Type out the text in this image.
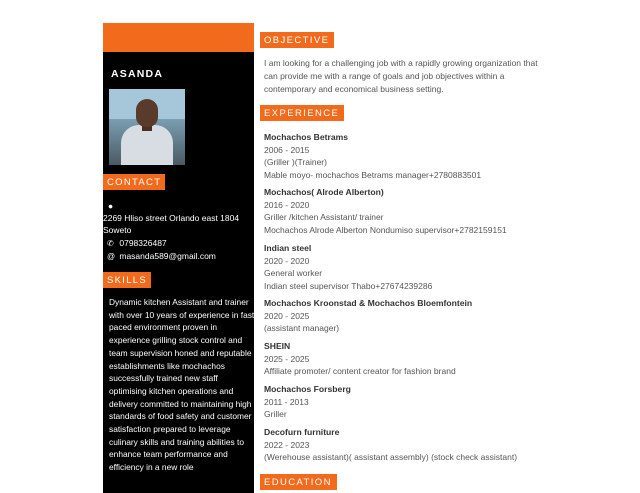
ASANDA
CONTACT
●
2269 Hliso street Orlando east 1804 Soweto
✆ 0798326487
@ masanda589@gmail.com
SKILLS
Dynamic kitchen Assistant and trainer with over 10 years of experience in fast paced environment proven in experience grilling stock control and team supervision honed and reputable establishments like mochachos successfully trained new staff optimising kitchen operations and delivery committed to maintaining high standards of food safety and customer satisfaction prepared to leverage culinary skills and training abilities to enhance team performance and efficiency in a new role
OBJECTIVE
I am looking for a challenging job with a rapidly growing organization that can provide me with a range of goals and job objectives within a contemporary and economical business setting.
EXPERIENCE
Mochachos Betrams
2006 - 2015
(Griller )(Trainer)
Mable moyo- mochachos Betrams manager+2780883501
Mochachos( Alrode Alberton)
2016 - 2020
Griller /kitchen Assistant/ trainer
Mochachos Alrode Alberton Nondumiso supervisor+2782159151
Indian steel
2020 - 2020
General worker
Indian steel supervisor Thabo+27674239286
Mochachos Kroonstad & Mochachos Bloemfontein
2020 - 2025
(assistant manager)
SHEIN
2025 - 2025
Affiliate promoter/ content creator for fashion brand
Mochachos Forsberg
2011 - 2013
Griller
Decofurn furniture
2022 - 2023
(Werehouse assistant)( assistant assembly) (stock check assistant)
EDUCATION
